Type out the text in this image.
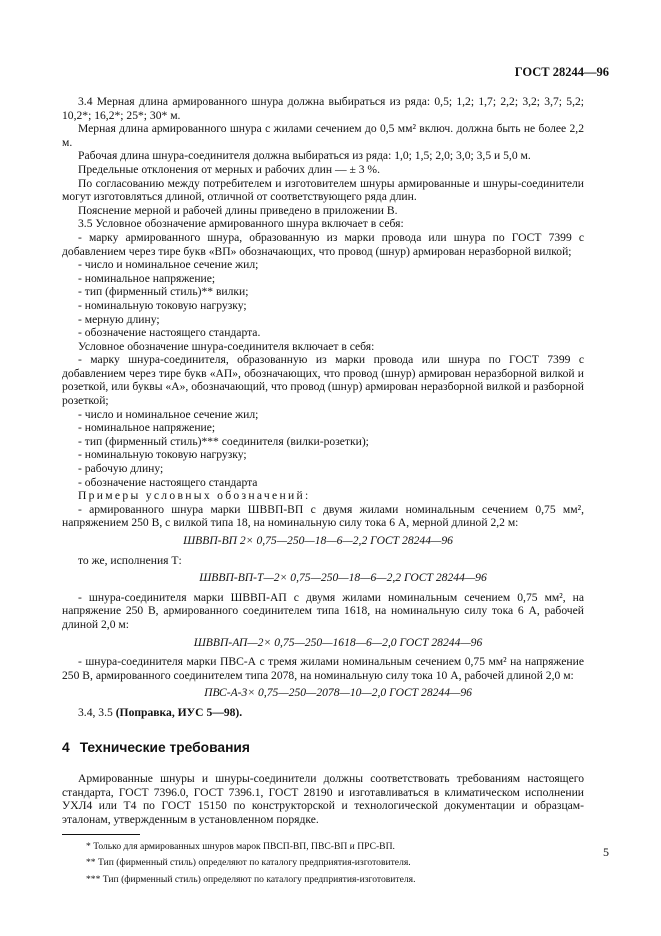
ГОСТ 28244—96

3.4 Мерная длина армированного шнура должна выбираться из ряда: 0,5; 1,2; 1,7; 2,2; 3,2; 3,7; 5,2; 10,2*; 16,2*; 25*; 30* м.

Мерная длина армированного шнура с жилами сечением до 0,5 мм² включ. должна быть не более 2,2 м.

Рабочая длина шнура-соединителя должна выбираться из ряда: 1,0; 1,5; 2,0; 3,0; 3,5 и 5,0 м.

Предельные отклонения от мерных и рабочих длин — ± 3 %.

По согласованию между потребителем и изготовителем шнуры армированные и шнуры-соединители могут изготовляться длиной, отличной от соответствующего ряда длин.

Пояснение мерной и рабочей длины приведено в приложении В.

3.5 Условное обозначение армированного шнура включает в себя:

- марку армированного шнура, образованную из марки провода или шнура по ГОСТ 7399 с добавлением через тире букв «ВП» обозначающих, что провод (шнур) армирован неразборной вилкой;

- число и номинальное сечение жил;

- номинальное напряжение;

- тип (фирменный стиль)** вилки;

- номинальную токовую нагрузку;

- мерную длину;

- обозначение настоящего стандарта.

Условное обозначение шнура-соединителя включает в себя:

- марку шнура-соединителя, образованную из марки провода или шнура по ГОСТ 7399 с добавлением через тире букв «АП», обозначающих, что провод (шнур) армирован неразборной вилкой и розеткой, или буквы «А», обозначающий, что провод (шнур) армирован неразборной вилкой и разборной розеткой;

- число и номинальное сечение жил;

- номинальное напряжение;

- тип (фирменный стиль)*** соединителя (вилки-розетки);

- номинальную токовую нагрузку;

- рабочую длину;

- обозначение настоящего стандарта

Примеры условных обозначений:

- армированного шнура марки ШВВП-ВП с двумя жилами номинальным сечением 0,75 мм², напряжением 250 В, с вилкой типа 18, на номинальную силу тока 6 А, мерной длиной 2,2 м:

ШВВП-ВП 2× 0,75—250—18—6—2,2 ГОСТ 28244—96

то же, исполнения Т:

ШВВП-ВП-Т—2× 0,75—250—18—6—2,2 ГОСТ 28244—96

- шнура-соединителя марки ШВВП-АП с двумя жилами номинальным сечением 0,75 мм², на напряжение 250 В, армированного соединителем типа 1618, на номинальную силу тока 6 А, рабочей длиной 2,0 м:

ШВВП-АП—2× 0,75—250—1618—6—2,0 ГОСТ 28244—96

- шнура-соединителя марки ПВС-А с тремя жилами номинальным сечением 0,75 мм² на напряжение 250 В, армированного соединителем типа 2078, на номинальную силу тока 10 А, рабочей длиной 2,0 м:

ПВС-А-3× 0,75—250—2078—10—2,0 ГОСТ 28244—96

3.4, 3.5 (Поправка, ИУС 5—98).

4 Технические требования

Армированные шнуры и шнуры-соединители должны соответствовать требованиям настоящего стандарта, ГОСТ 7396.0, ГОСТ 7396.1, ГОСТ 28190 и изготавливаться в климатическом исполнении УХЛ4 или Т4 по ГОСТ 15150 по конструкторской и технологической документации и образцам-эталонам, утвержденным в установленном порядке.

* Только для армированных шнуров марок ПВСП-ВП, ПВС-ВП и ПРС-ВП.

** Тип (фирменный стиль) определяют по каталогу предприятия-изготовителя.

*** Тип (фирменный стиль) определяют по каталогу предприятия-изготовителя.

5
